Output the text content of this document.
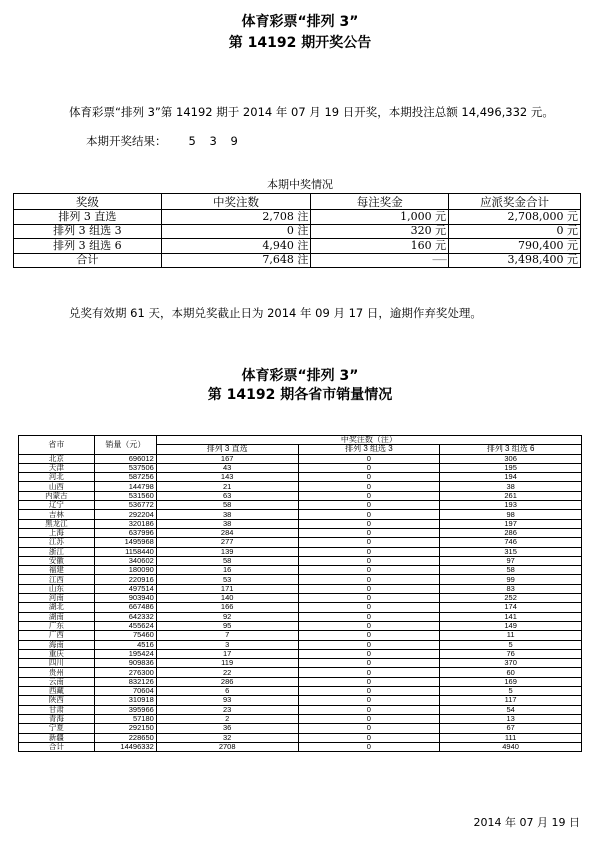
体育彩票“排列 3”
第 14192 期开奖公告
体育彩票“排列 3”第 14192 期于 2014 年 07 月 19 日开奖，本期投注总额 14,496,332 元。
本期开奖结果： 5 3 9
本期中奖情况
奖级	中奖注数	每注奖金	应派奖金合计
排列 3 直选	2,708 注	1,000 元	2,708,000 元
排列 3 组选 3	0 注	320 元	0 元
排列 3 组选 6	4,940 注	160 元	790,400 元
合计	7,648 注	——	3,498,400 元
兑奖有效期 61 天，本期兑奖截止日为 2014 年 09 月 17 日，逾期作弃奖处理。
体育彩票“排列 3”
第 14192 期各省市销量情况
省市	销量（元）	中奖注数（注）		
		排列 3 直选	排列 3 组选 3	排列 3 组选 6
北京	696012	167	0	306
天津	537506	43	0	195
河北	587256	143	0	194
山西	144798	21	0	38
内蒙古	531560	63	0	261
辽宁	536772	58	0	193
吉林	292204	38	0	98
黑龙江	320186	38	0	197
上海	637996	284	0	286
江苏	1495968	277	0	746
浙江	1158440	139	0	315
安徽	340602	58	0	97
福建	180090	16	0	58
江西	220916	53	0	99
山东	497514	171	0	83
河南	903940	140	0	252
湖北	667486	166	0	174
湖南	642332	92	0	141
广东	455624	95	0	149
广西	75460	7	0	11
海南	4516	3	0	5
重庆	195424	17	0	76
四川	909836	119	0	370
贵州	276300	22	0	60
云南	832126	286	0	169
西藏	70604	6	0	5
陕西	310918	93	0	117
甘肃	395966	23	0	54
青海	57180	2	0	13
宁夏	292150	36	0	67
新疆	228650	32	0	111
合计	14496332	2708	0	4940
2014 年 07 月 19 日
